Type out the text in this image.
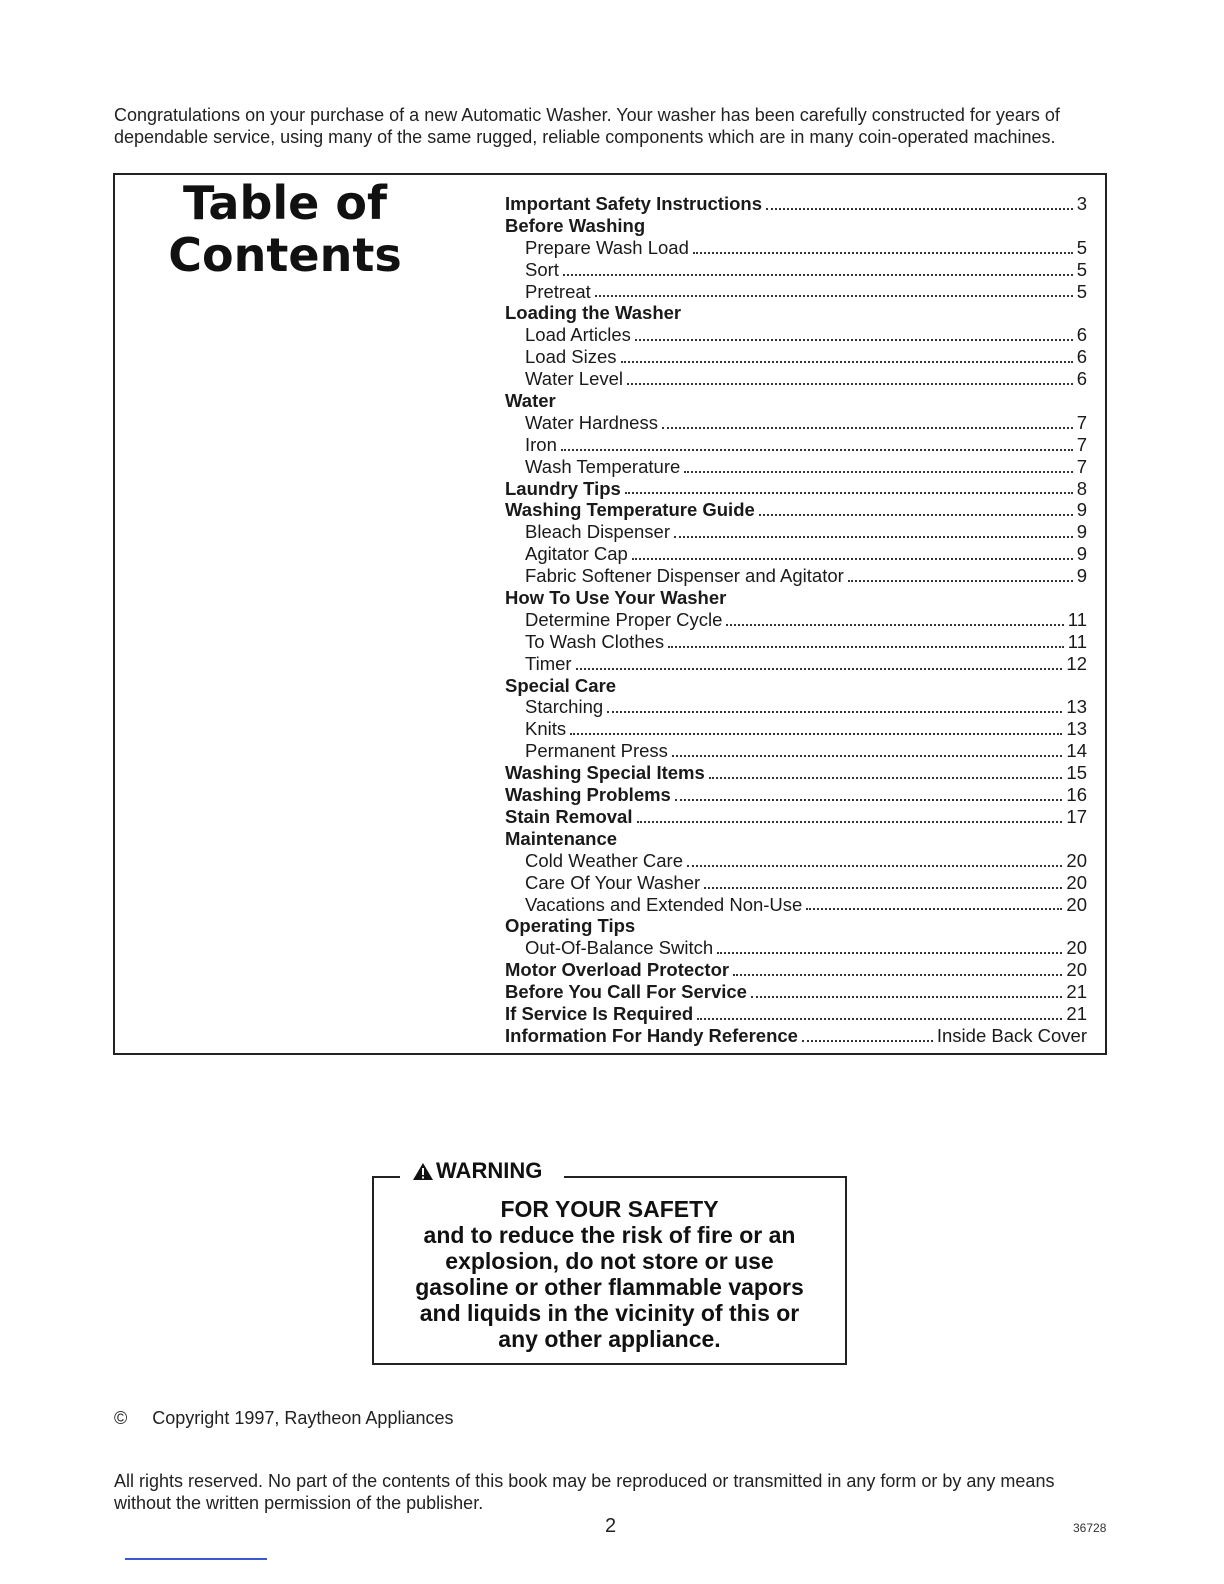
Congratulations on your purchase of a new Automatic Washer. Your washer has been carefully constructed for years of dependable service, using many of the same rugged, reliable components which are in many coin-operated machines.

Table of
Contents
Important Safety Instructions	3
Before Washing
Prepare Wash Load	5
Sort	5
Pretreat	5
Loading the Washer
Load Articles	6
Load Sizes	6
Water Level	6
Water
Water Hardness	7
Iron	7
Wash Temperature	7
Laundry Tips	8
Washing Temperature Guide	9
Bleach Dispenser	9
Agitator Cap	9
Fabric Softener Dispenser and Agitator	9
How To Use Your Washer
Determine Proper Cycle	11
To Wash Clothes	11
Timer	12
Special Care
Starching	13
Knits	13
Permanent Press	14
Washing Special Items	15
Washing Problems	16
Stain Removal	17
Maintenance
Cold Weather Care	20
Care Of Your Washer	20
Vacations and Extended Non-Use	20
Operating Tips
Out-Of-Balance Switch	20
Motor Overload Protector	20
Before You Call For Service	21
If Service Is Required	21
Information For Handy Reference	Inside Back Cover
WARNING
FOR YOUR SAFETY
and to reduce the risk of fire or an
explosion, do not store or use
gasoline or other flammable vapors
and liquids in the vicinity of this or
any other appliance.
© Copyright 1997, Raytheon Appliances

All rights reserved. No part of the contents of this book may be reproduced or transmitted in any form or by any means without the written permission of the publisher.

2	36728
